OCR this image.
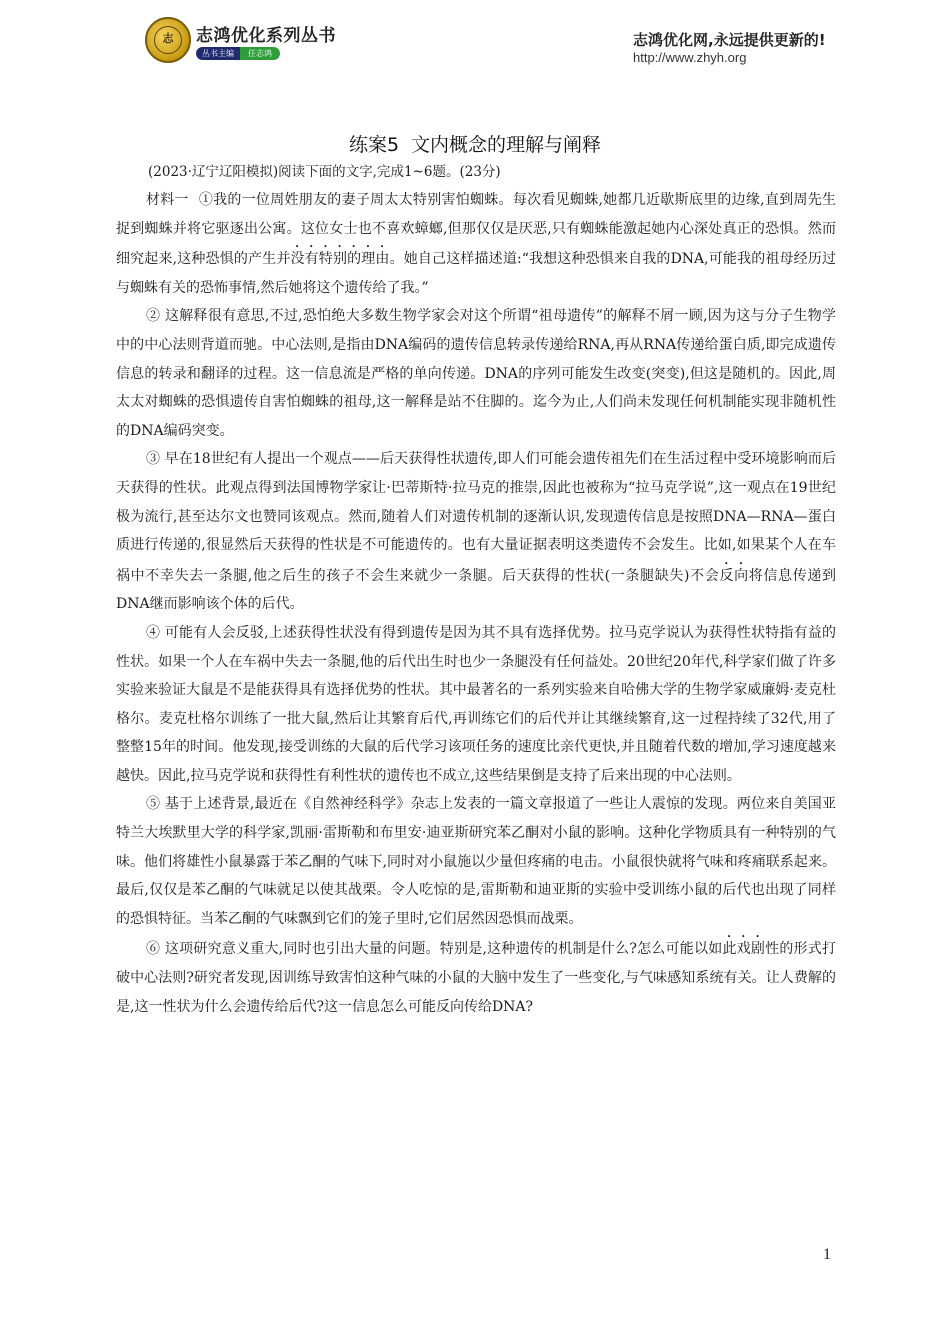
志	志鸿优化系列丛书
丛书主编	任志鸿
志鸿优化网,永远提供更新的!
http://www.zhyh.org
练案5 文内概念的理解与阐释
(2023·辽宁辽阳模拟)阅读下面的文字,完成1~6题。(23分)

材料一 ①我的一位周姓朋友的妻子周太太特别害怕蜘蛛。每次看见蜘蛛,她都几近歇斯底里的边缘,直到周先生捉到蜘蛛并将它驱逐出公寓。这位女士也不喜欢蟑螂,但那仅仅是厌恶,只有蜘蛛能激起她内心深处真正的恐惧。然而细究起来,这种恐惧的产生并没有特别的理由。她自己这样描述道:“我想这种恐惧来自我的DNA,可能我的祖母经历过与蜘蛛有关的恐怖事情,然后她将这个遗传给了我。”

② 这解释很有意思,不过,恐怕绝大多数生物学家会对这个所谓“祖母遗传”的解释不屑一顾,因为这与分子生物学中的中心法则背道而驰。中心法则,是指由DNA编码的遗传信息转录传递给RNA,再从RNA传递给蛋白质,即完成遗传信息的转录和翻译的过程。这一信息流是严格的单向传递。DNA的序列可能发生改变(突变),但这是随机的。因此,周太太对蜘蛛的恐惧遗传自害怕蜘蛛的祖母,这一解释是站不住脚的。迄今为止,人们尚未发现任何机制能实现非随机性的DNA编码突变。

③ 早在18世纪有人提出一个观点——后天获得性状遗传,即人们可能会遗传祖先们在生活过程中受环境影响而后天获得的性状。此观点得到法国博物学家让·巴蒂斯特·拉马克的推崇,因此也被称为“拉马克学说”,这一观点在19世纪极为流行,甚至达尔文也赞同该观点。然而,随着人们对遗传机制的逐渐认识,发现遗传信息是按照DNA—RNA—蛋白质进行传递的,很显然后天获得的性状是不可能遗传的。也有大量证据表明这类遗传不会发生。比如,如果某个人在车祸中不幸失去一条腿,他之后生的孩子不会生来就少一条腿。后天获得的性状(一条腿缺失)不会反向将信息传递到DNA继而影响该个体的后代。

④ 可能有人会反驳,上述获得性状没有得到遗传是因为其不具有选择优势。拉马克学说认为获得性状特指有益的性状。如果一个人在车祸中失去一条腿,他的后代出生时也少一条腿没有任何益处。20世纪20年代,科学家们做了许多实验来验证大鼠是不是能获得具有选择优势的性状。其中最著名的一系列实验来自哈佛大学的生物学家威廉姆·麦克杜格尔。麦克杜格尔训练了一批大鼠,然后让其繁育后代,再训练它们的后代并让其继续繁育,这一过程持续了32代,用了整整15年的时间。他发现,接受训练的大鼠的后代学习该项任务的速度比亲代更快,并且随着代数的增加,学习速度越来越快。因此,拉马克学说和获得性有利性状的遗传也不成立,这些结果倒是支持了后来出现的中心法则。

⑤ 基于上述背景,最近在《自然神经科学》杂志上发表的一篇文章报道了一些让人震惊的发现。两位来自美国亚特兰大埃默里大学的科学家,凯丽·雷斯勒和布里安·迪亚斯研究苯乙酮对小鼠的影响。这种化学物质具有一种特别的气味。他们将雄性小鼠暴露于苯乙酮的气味下,同时对小鼠施以少量但疼痛的电击。小鼠很快就将气味和疼痛联系起来。最后,仅仅是苯乙酮的气味就足以使其战栗。令人吃惊的是,雷斯勒和迪亚斯的实验中受训练小鼠的后代也出现了同样的恐惧特征。当苯乙酮的气味飘到它们的笼子里时,它们居然因恐惧而战栗。

⑥ 这项研究意义重大,同时也引出大量的问题。特别是,这种遗传的机制是什么?怎么可能以如此戏剧性的形式打破中心法则?研究者发现,因训练导致害怕这种气味的小鼠的大脑中发生了一些变化,与气味感知系统有关。让人费解的是,这一性状为什么会遗传给后代?这一信息怎么可能反向传给DNA?

1
